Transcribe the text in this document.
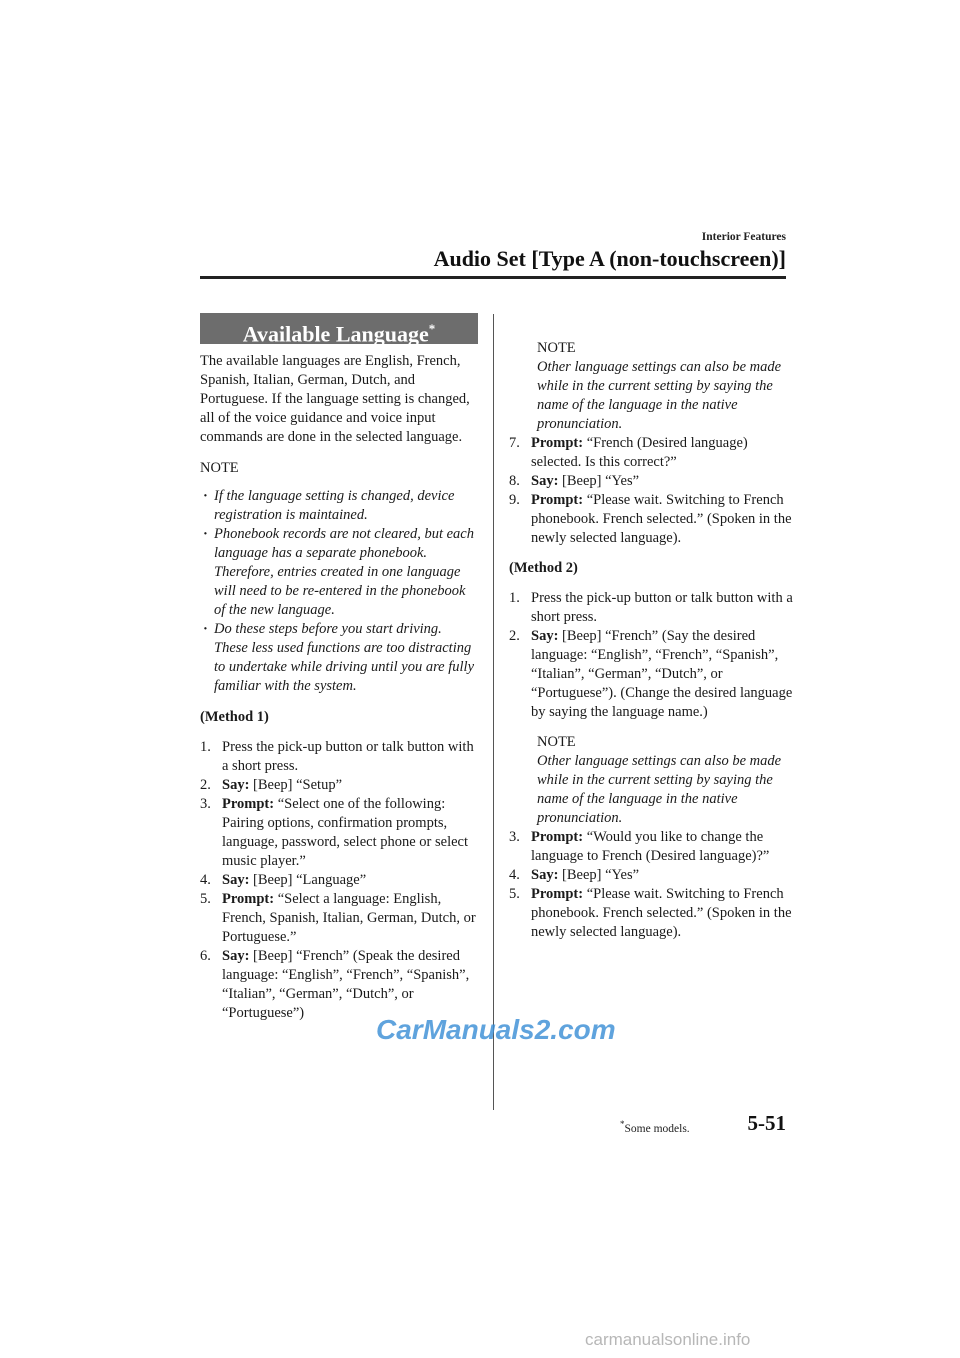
Interior Features
Audio Set [Type A (non-touchscreen)]
Available Language*

The available languages are English, French, Spanish, Italian, German, Dutch, and Portuguese. If the language setting is changed, all of the voice guidance and voice input commands are done in the selected language.

NOTE

· If the language setting is changed, device registration is maintained.
· Phonebook records are not cleared, but each language has a separate phonebook. Therefore, entries created in one language will need to be re-entered in the phonebook of the new language.
· Do these steps before you start driving. These less used functions are too distracting to undertake while driving until you are fully familiar with the system.

(Method 1)

1. Press the pick-up button or talk button with a short press.
2. Say: [Beep] “Setup”
3. Prompt: “Select one of the following: Pairing options, confirmation prompts, language, password, select phone or select music player.”
4. Say: [Beep] “Language”
5. Prompt: “Select a language: English, French, Spanish, Italian, German, Dutch, or Portuguese.”
6. Say: [Beep] “French” (Speak the desired language: “English”, “French”, “Spanish”, “Italian”, “German”, “Dutch”, or “Portuguese”)
NOTE
Other language settings can also be made while in the current setting by saying the name of the language in the native pronunciation.
7. Prompt: “French (Desired language) selected. Is this correct?”
8. Say: [Beep] “Yes”
9. Prompt: “Please wait. Switching to French phonebook. French selected.” (Spoken in the newly selected language).

(Method 2)

1. Press the pick-up button or talk button with a short press.
2. Say: [Beep] “French” (Say the desired language: “English”, “French”, “Spanish”, “Italian”, “German”, “Dutch”, or “Portuguese”). (Change the desired language by saying the language name.)
NOTE
Other language settings can also be made while in the current setting by saying the name of the language in the native pronunciation.
3. Prompt: “Would you like to change the language to French (Desired language)?”
4. Say: [Beep] “Yes”
5. Prompt: “Please wait. Switching to French phonebook. French selected.” (Spoken in the newly selected language).
CarManuals2.com
*Some models.	5-51
carmanualsonline.info
